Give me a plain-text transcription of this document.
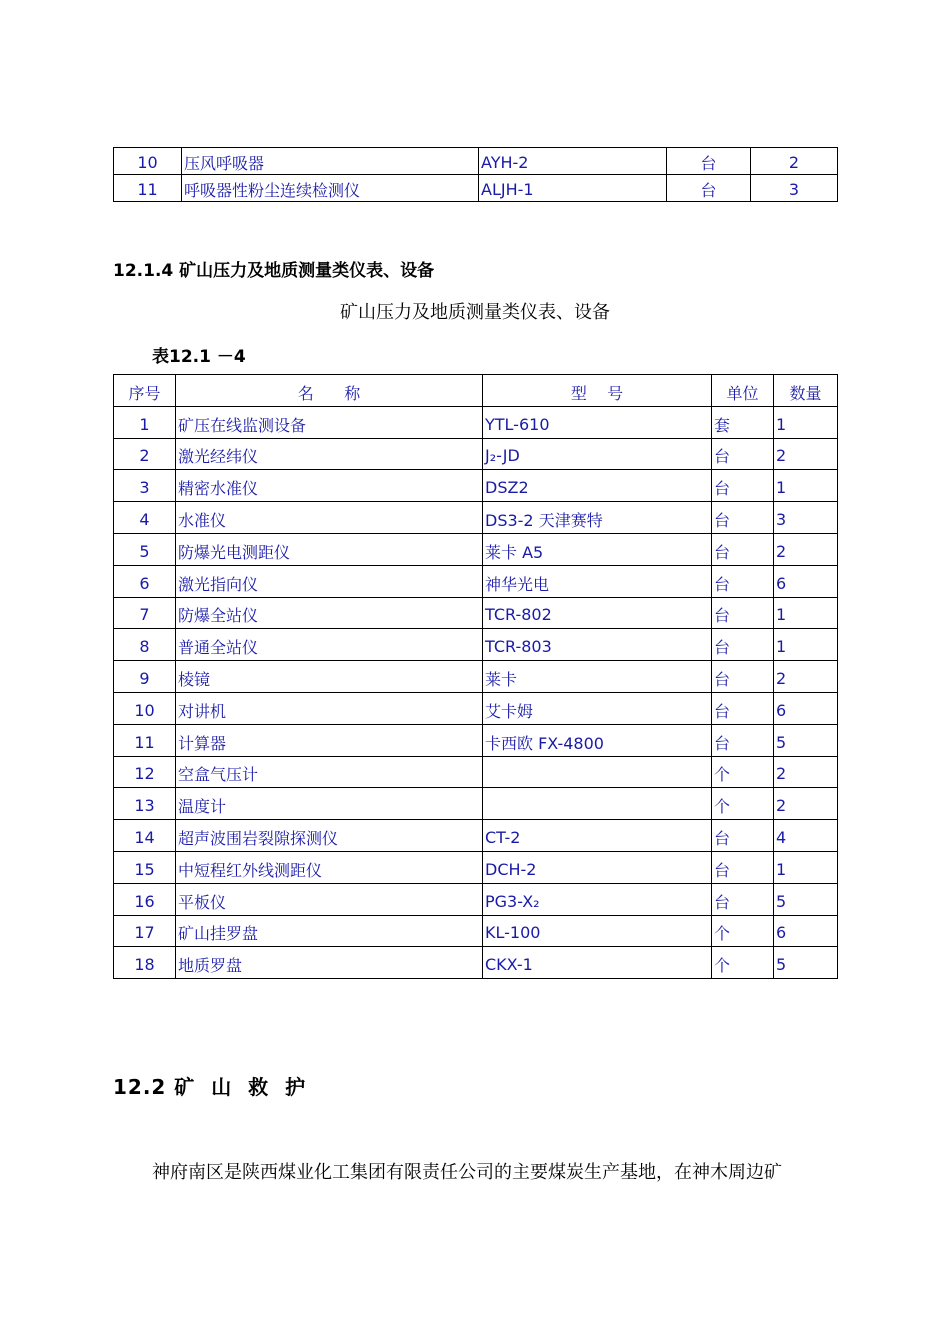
10	压风呼吸器	AYH-2	台	2
11	呼吸器性粉尘连续检测仪	ALJH-1	台	3
12.1.4 矿山压力及地质测量类仪表、设备
矿山压力及地质测量类仪表、设备
表12.1 －4
序号	名      称	型    号	单位	数量
1	矿压在线监测设备	YTL-610	套	1
2	激光经纬仪	J₂-JD	台	2
3	精密水准仪	DSZ2	台	1
4	水准仪	DS3-2 天津赛特	台	3
5	防爆光电测距仪	莱卡 A5	台	2
6	激光指向仪	神华光电	台	6
7	防爆全站仪	TCR-802	台	1
8	普通全站仪	TCR-803	台	1
9	棱镜	莱卡	台	2
10	对讲机	艾卡姆	台	6
11	计算器	卡西欧 FX-4800	台	5
12	空盒气压计		个	2
13	温度计		个	2
14	超声波围岩裂隙探测仪	CT-2	台	4
15	中短程红外线测距仪	DCH-2	台	1
16	平板仪	PG3-X₂	台	5
17	矿山挂罗盘	KL-100	个	6
18	地质罗盘	CKX-1	个	5
12.2 矿  山  救  护
神府南区是陕西煤业化工集团有限责任公司的主要煤炭生产基地，在神木周边矿
